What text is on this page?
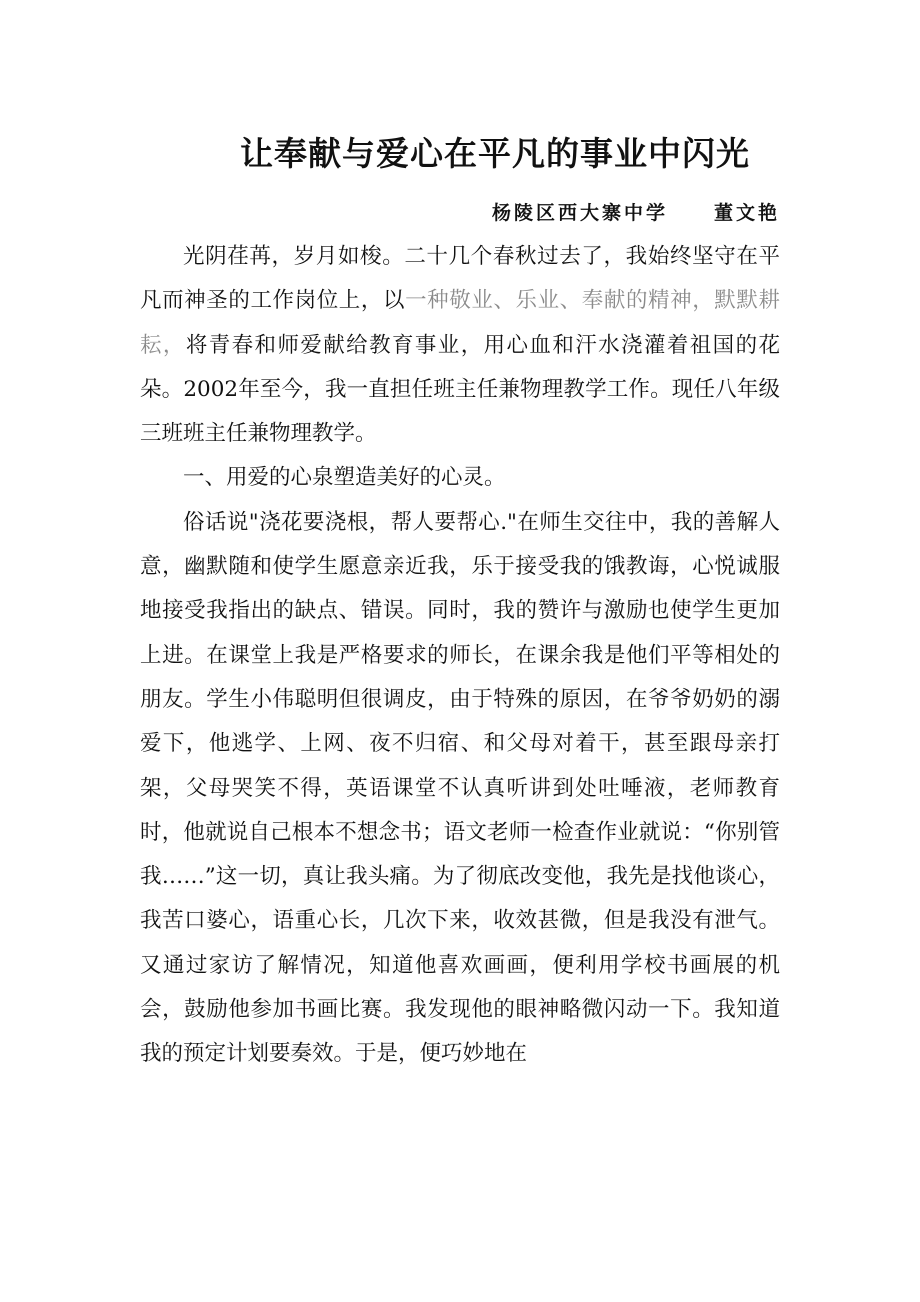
让奉献与爱心在平凡的事业中闪光
杨陵区西大寨中学 董文艳

光阴荏苒，岁月如梭。二十几个春秋过去了，我始终坚守在平凡而神圣的工作岗位上，以一种敬业、乐业、奉献的精神，默默耕耘，将青春和师爱献给教育事业，用心血和汗水浇灌着祖国的花朵。2002年至今，我一直担任班主任兼物理教学工作。现任八年级三班班主任兼物理教学。

一、用爱的心泉塑造美好的心灵。

俗话说"浇花要浇根，帮人要帮心."在师生交往中，我的善解人意，幽默随和使学生愿意亲近我，乐于接受我的饿教诲，心悦诚服地接受我指出的缺点、错误。同时，我的赞许与激励也使学生更加上进。在课堂上我是严格要求的师长，在课余我是他们平等相处的朋友。学生小伟聪明但很调皮，由于特殊的原因，在爷爷奶奶的溺爱下，他逃学、上网、夜不归宿、和父母对着干，甚至跟母亲打架，父母哭笑不得，英语课堂不认真听讲到处吐唾液，老师教育时，他就说自己根本不想念书；语文老师一检查作业就说：“你别管我……”这一切，真让我头痛。为了彻底改变他，我先是找他谈心，我苦口婆心，语重心长，几次下来，收效甚微，但是我没有泄气。又通过家访了解情况，知道他喜欢画画，便利用学校书画展的机会，鼓励他参加书画比赛。我发现他的眼神略微闪动一下。我知道我的预定计划要奏效。于是，便巧妙地在
